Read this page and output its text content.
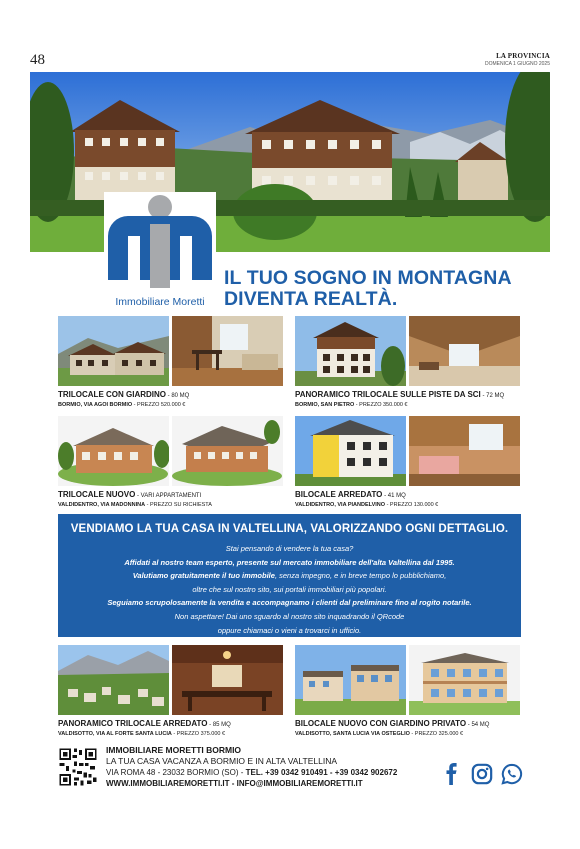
48	LA PROVINCIA
DOMENICA 1 GIUGNO 2025
Immobiliare Moretti
IL TUO SOGNO IN MONTAGNA
DIVENTA REALTÀ.
TRILOCALE CON GIARDINO - 80 MQ
BORMIO, VIA AGOI BORMIO - PREZZO 520.000 €
PANORAMICO TRILOCALE SULLE PISTE DA SCI - 72 MQ
BORMIO, SAN PIETRO - PREZZO 350.000 €
TRILOCALE NUOVO - VARI APPARTAMENTI
VALDIDENTRO, VIA MADONNINA - PREZZO SU RICHIESTA
BILOCALE ARREDATO - 41 MQ
VALDIDENTRO, VIA PIANDELVINO - PREZZO 130.000 €
VENDIAMO LA TUA CASA IN VALTELLINA, VALORIZZANDO OGNI DETTAGLIO.
Stai pensando di vendere la tua casa?
Affidati al nostro team esperto, presente sul mercato immobiliare dell'alta Valtellina dal 1995.
Valutiamo gratuitamente il tuo immobile, senza impegno, e in breve tempo lo pubblichiamo,
oltre che sul nostro sito, sui portali immobiliari più popolari.
Seguiamo scrupolosamente la vendita e accompagnamo i clienti dal preliminare fino al rogito notarile.
Non aspettare! Dai uno sguardo al nostro sito inquadrando il QRcode
oppure chiamaci o vieni a trovarci in ufficio.
PANORAMICO TRILOCALE ARREDATO - 85 MQ
VALDISOTTO, VIA AL FORTE SANTA LUCIA - PREZZO 375.000 €
BILOCALE NUOVO CON GIARDINO PRIVATO - 54 MQ
VALDISOTTO, SANTA LUCIA VIA OSTEGLIO - PREZZO 325.000 €
IMMOBILIARE MORETTI BORMIO
LA TUA CASA VACANZA A BORMIO E IN ALTA VALTELLINA
VIA ROMA 48 - 23032 BORMIO (SO) - TEL. +39 0342 910491 - +39 0342 902672
WWW.IMMOBILIAREMORETTI.IT - INFO@IMMOBILIAREMORETTI.IT
